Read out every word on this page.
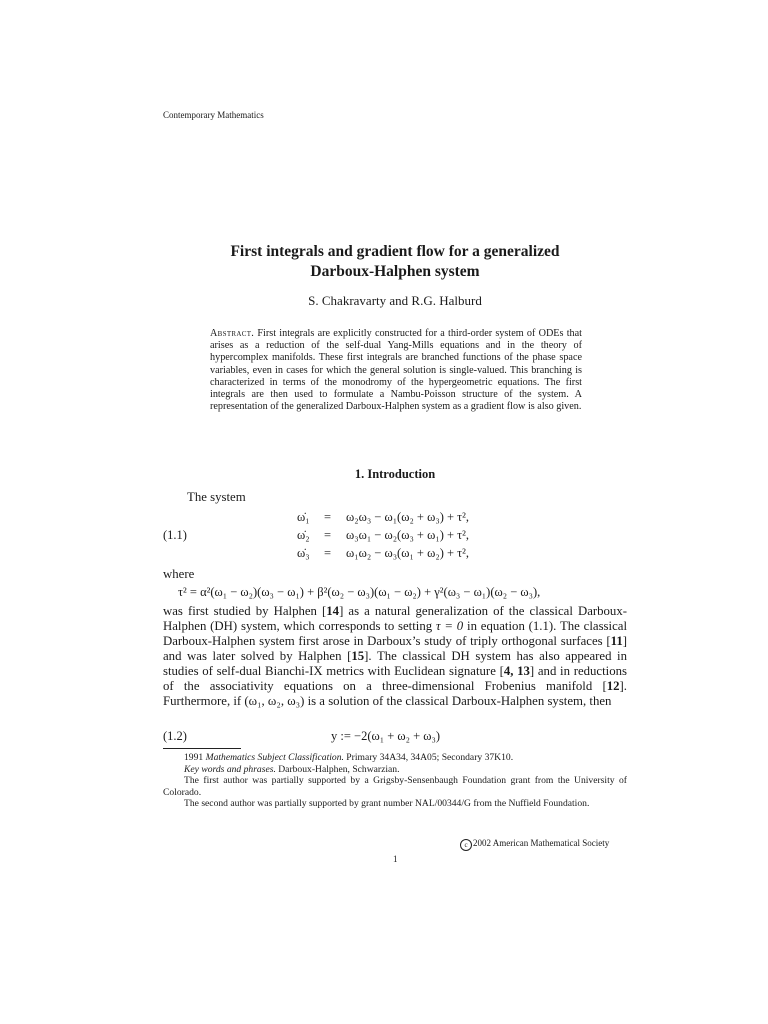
Contemporary Mathematics
First integrals and gradient flow for a generalized
Darboux-Halphen system
S. Chakravarty and R.G. Halburd
Abstract. First integrals are explicitly constructed for a third-order system of ODEs that arises as a reduction of the self-dual Yang-Mills equations and in the theory of hypercomplex manifolds. These first integrals are branched functions of the phase space variables, even in cases for which the general solution is single-valued. This branching is characterized in terms of the monodromy of the hypergeometric equations. The first integrals are then used to formulate a Nambu-Poisson structure of the system. A representation of the generalized Darboux-Halphen system as a gradient flow is also given.
1. Introduction
The system
(1.1)
ω̇₁ = ω₂ω₃ − ω₁(ω₂ + ω₃) + τ²,
ω̇₂ = ω₃ω₁ − ω₂(ω₃ + ω₁) + τ²,
ω̇₃ = ω₁ω₂ − ω₃(ω₁ + ω₂) + τ²,
where
τ² = α²(ω₁ − ω₂)(ω₃ − ω₁) + β²(ω₂ − ω₃)(ω₁ − ω₂) + γ²(ω₃ − ω₁)(ω₂ − ω₃),
was first studied by Halphen [14] as a natural generalization of the classical Darboux-Halphen (DH) system, which corresponds to setting τ = 0 in equation (1.1). The classical Darboux-Halphen system first arose in Darboux’s study of triply orthogonal surfaces [11] and was later solved by Halphen [15]. The classical DH system has also appeared in studies of self-dual Bianchi-IX metrics with Euclidean signature [4, 13] and in reductions of the associativity equations on a three-dimensional Frobenius manifold [12]. Furthermore, if (ω₁, ω₂, ω₃) is a solution of the classical Darboux-Halphen system, then
(1.2)	y := −2(ω₁ + ω₂ + ω₃)

1991 Mathematics Subject Classification. Primary 34A34, 34A05; Secondary 37K10.

Key words and phrases. Darboux-Halphen, Schwarzian.

The first author was partially supported by a Grigsby-Sensenbaugh Foundation grant from the University of Colorado.

The second author was partially supported by grant number NAL/00344/G from the Nuffield Foundation.

c 2002 American Mathematical Society
1
